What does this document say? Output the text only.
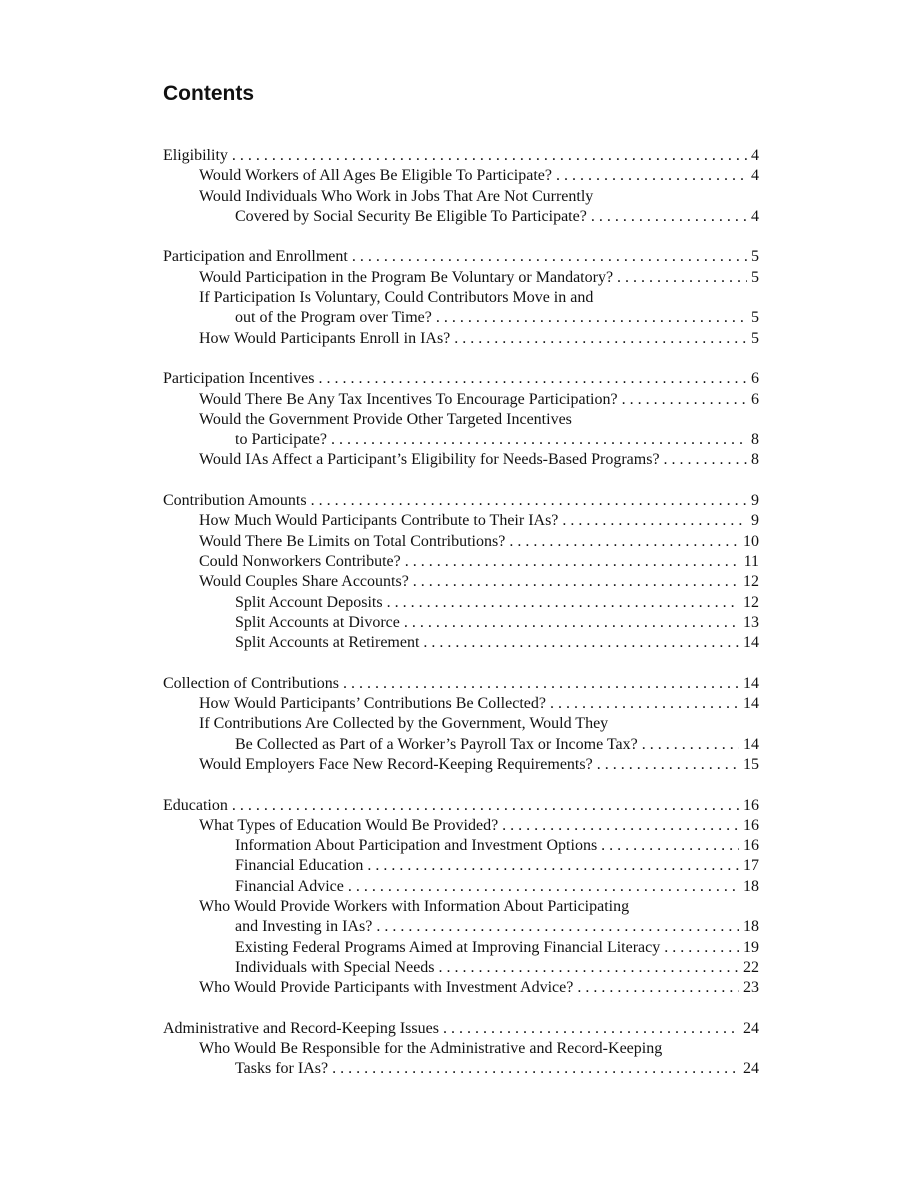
Contents
Eligibility . . .	4
Would Workers of All Ages Be Eligible To Participate? . . .	4
Would Individuals Who Work in Jobs That Are Not Currently
Covered by Social Security Be Eligible To Participate? . . .	4
Participation and Enrollment . . .	5
Would Participation in the Program Be Voluntary or Mandatory? . . .	5
If Participation Is Voluntary, Could Contributors Move in and
out of the Program over Time? . . .	5
How Would Participants Enroll in IAs? . . .	5
Participation Incentives . . .	6
Would There Be Any Tax Incentives To Encourage Participation? . . .	6
Would the Government Provide Other Targeted Incentives
to Participate? . . .	8
Would IAs Affect a Participant’s Eligibility for Needs-Based Programs? . . .	8
Contribution Amounts . . .	9
How Much Would Participants Contribute to Their IAs? . . .	9
Would There Be Limits on Total Contributions? . . .	10
Could Nonworkers Contribute? . . .	11
Would Couples Share Accounts? . . .	12
Split Account Deposits . . .	12
Split Accounts at Divorce . . .	13
Split Accounts at Retirement . . .	14
Collection of Contributions . . .	14
How Would Participants’ Contributions Be Collected? . . .	14
If Contributions Are Collected by the Government, Would They
Be Collected as Part of a Worker’s Payroll Tax or Income Tax? . . .	14
Would Employers Face New Record-Keeping Requirements? . . .	15
Education . . .	16
What Types of Education Would Be Provided? . . .	16
Information About Participation and Investment Options . . .	16
Financial Education . . .	17
Financial Advice . . .	18
Who Would Provide Workers with Information About Participating
and Investing in IAs? . . .	18
Existing Federal Programs Aimed at Improving Financial Literacy . . .	19
Individuals with Special Needs . . .	22
Who Would Provide Participants with Investment Advice? . . .	23
Administrative and Record-Keeping Issues . . .	24
Who Would Be Responsible for the Administrative and Record-Keeping
Tasks for IAs? . . .	24
